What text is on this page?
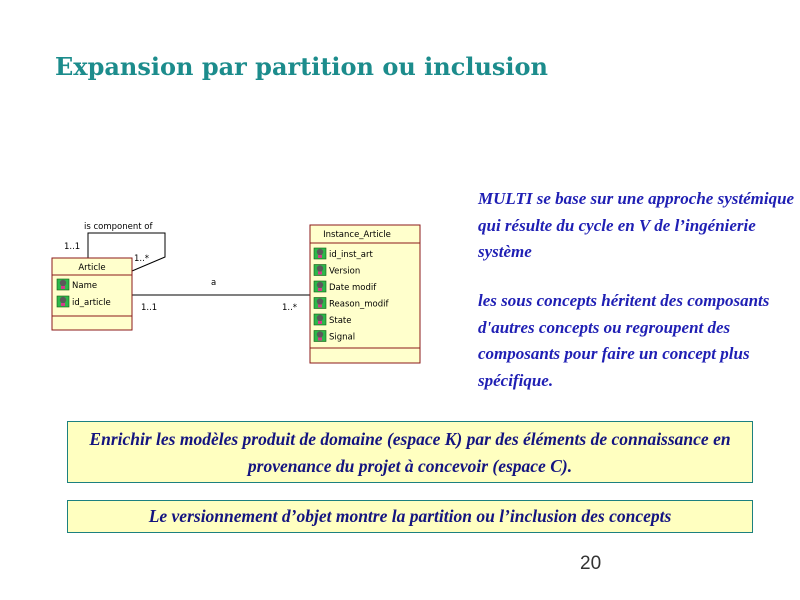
Expansion par partition ou inclusion
is component of
1..1
1..*
a
1..1	1..*
Article
Name
id_article
Instance_Article
id_inst_art
Version
Date modif
Reason_modif
State
Signal
MULTI se base sur une approche systémique qui résulte du cycle en V de l’ingénierie système
les sous concepts héritent des composants d'autres concepts ou regroupent des composants pour faire un concept plus spécifique.
Enrichir les modèles produit de domaine (espace K) par des éléments de connaissance en provenance du projet à concevoir (espace C).
Le versionnement d’objet montre la partition ou l’inclusion des concepts
20
